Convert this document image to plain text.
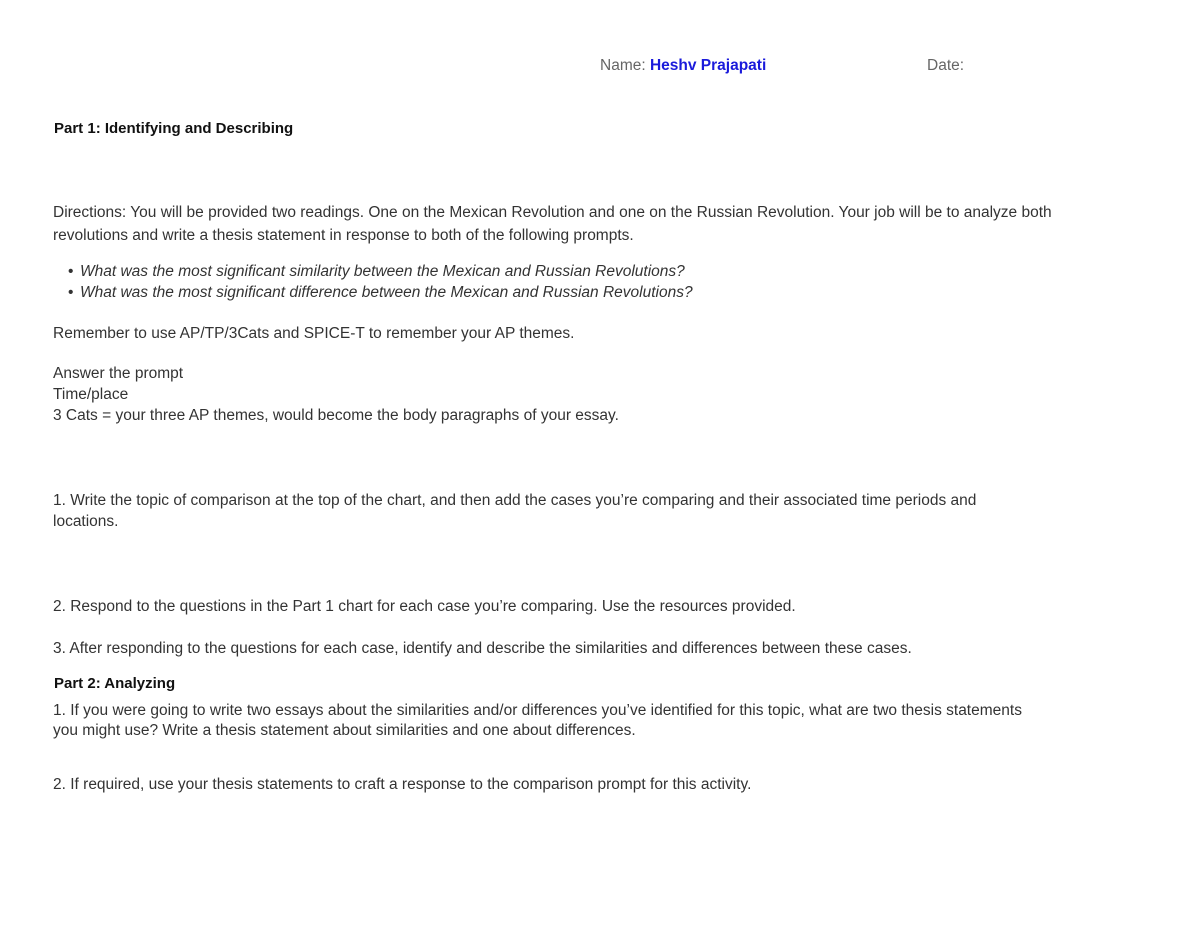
Name: Heshv Prajapati	Date:
Part 1: Identifying and Describing
Directions: You will be provided two readings. One on the Mexican Revolution and one on the Russian Revolution. Your job will be to analyze both
revolutions and write a thesis statement in response to both of the following prompts.
• What was the most significant similarity between the Mexican and Russian Revolutions?
• What was the most significant difference between the Mexican and Russian Revolutions?
Remember to use AP/TP/3Cats and SPICE-T to remember your AP themes.
Answer the prompt
Time/place
3 Cats = your three AP themes, would become the body paragraphs of your essay.
1. Write the topic of comparison at the top of the chart, and then add the cases you’re comparing and their associated time periods and
locations.
2. Respond to the questions in the Part 1 chart for each case you’re comparing. Use the resources provided.
3. After responding to the questions for each case, identify and describe the similarities and differences between these cases.
Part 2: Analyzing
1. If you were going to write two essays about the similarities and/or differences you’ve identified for this topic, what are two thesis statements
you might use? Write a thesis statement about similarities and one about differences.
2. If required, use your thesis statements to craft a response to the comparison prompt for this activity.
